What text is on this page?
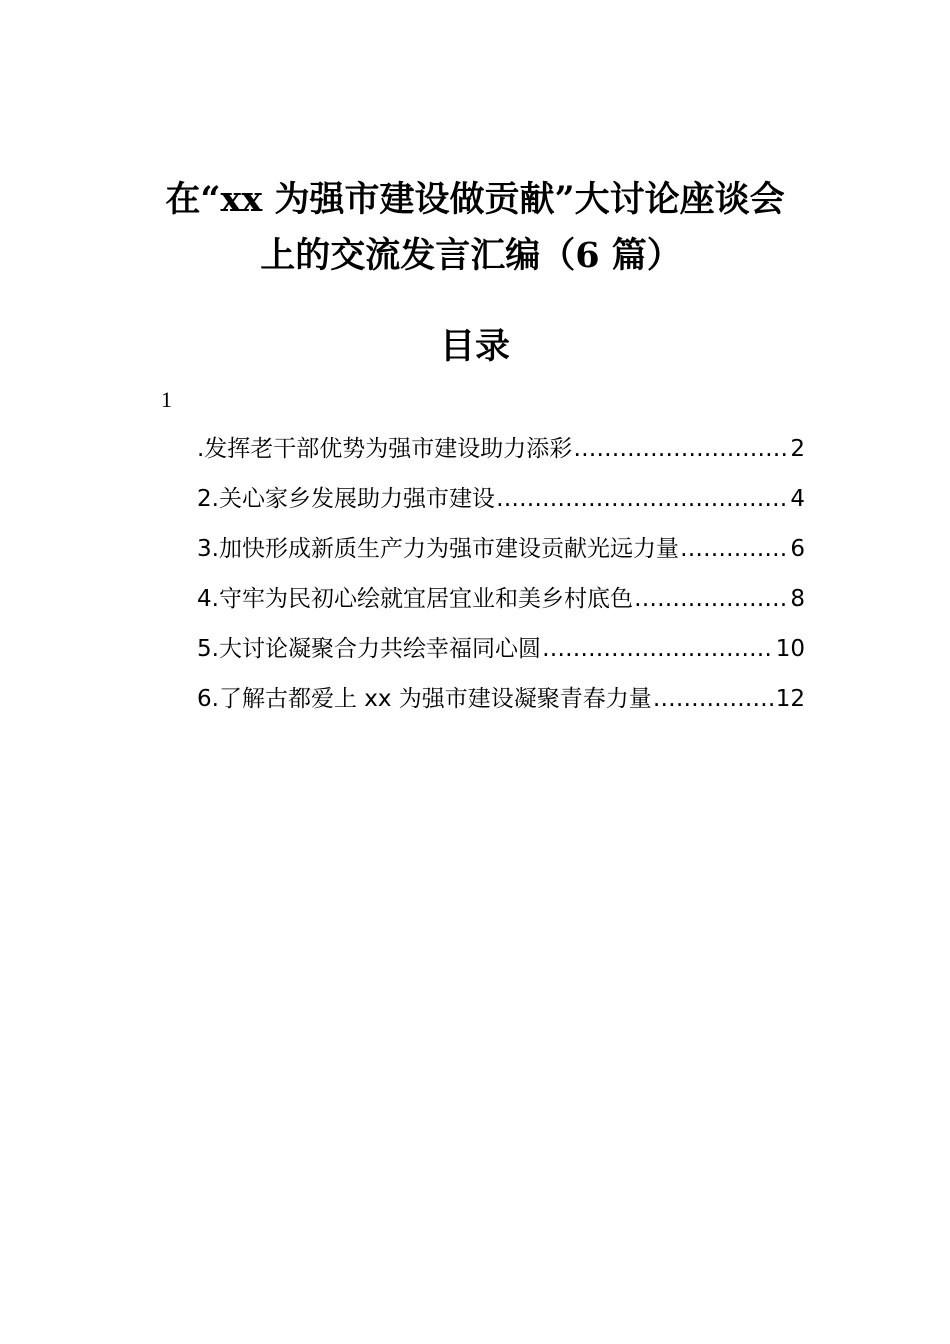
在“xx 为强市建设做贡献”大讨论座谈会
上的交流发言汇编（6 篇）
目录
1
.发挥老干部优势为强市建设助力添彩 ……………………………………………………………………………………………………………………	2
2.关心家乡发展助力强市建设 ……………………………………………………………………………………………………………………	4
3.加快形成新质生产力为强市建设贡献光远力量 ……………………………………………………………………………………………………………………	6
4.守牢为民初心绘就宜居宜业和美乡村底色 ……………………………………………………………………………………………………………………	8
5.大讨论凝聚合力共绘幸福同心圆 ……………………………………………………………………………………………………………………	10
6.了解古都爱上 xx 为强市建设凝聚青春力量 ……………………………………………………………………………………………………………………	12
